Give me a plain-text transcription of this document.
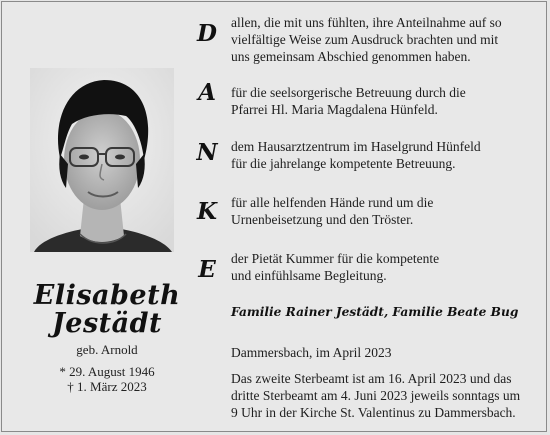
Elisabeth
Jestädt
geb. Arnold
* 29. August 1946
† 1. März 2023
D allen, die mit uns fühlten, ihre Anteilnahme auf so
vielfältige Weise zum Ausdruck brachten und mit
uns gemeinsam Abschied genommen haben.
A	für die seelsorgerische Betreuung durch die
Pfarrei Hl. Maria Magdalena Hünfeld.
N dem Hausarztzentrum im Haselgrund Hünfeld
für die jahrelange kompetente Betreuung.
K für alle helfenden Hände rund um die
Urnenbeisetzung und den Tröster.
E	der Pietät Kummer für die kompetente
und einfühlsame Begleitung.
Familie Rainer Jestädt, Familie Beate Bug
Dammersbach, im April 2023
Das zweite Sterbeamt ist am 16. April 2023 und das
dritte Sterbeamt am 4. Juni 2023 jeweils sonntags um
9 Uhr in der Kirche St. Valentinus zu Dammersbach.
